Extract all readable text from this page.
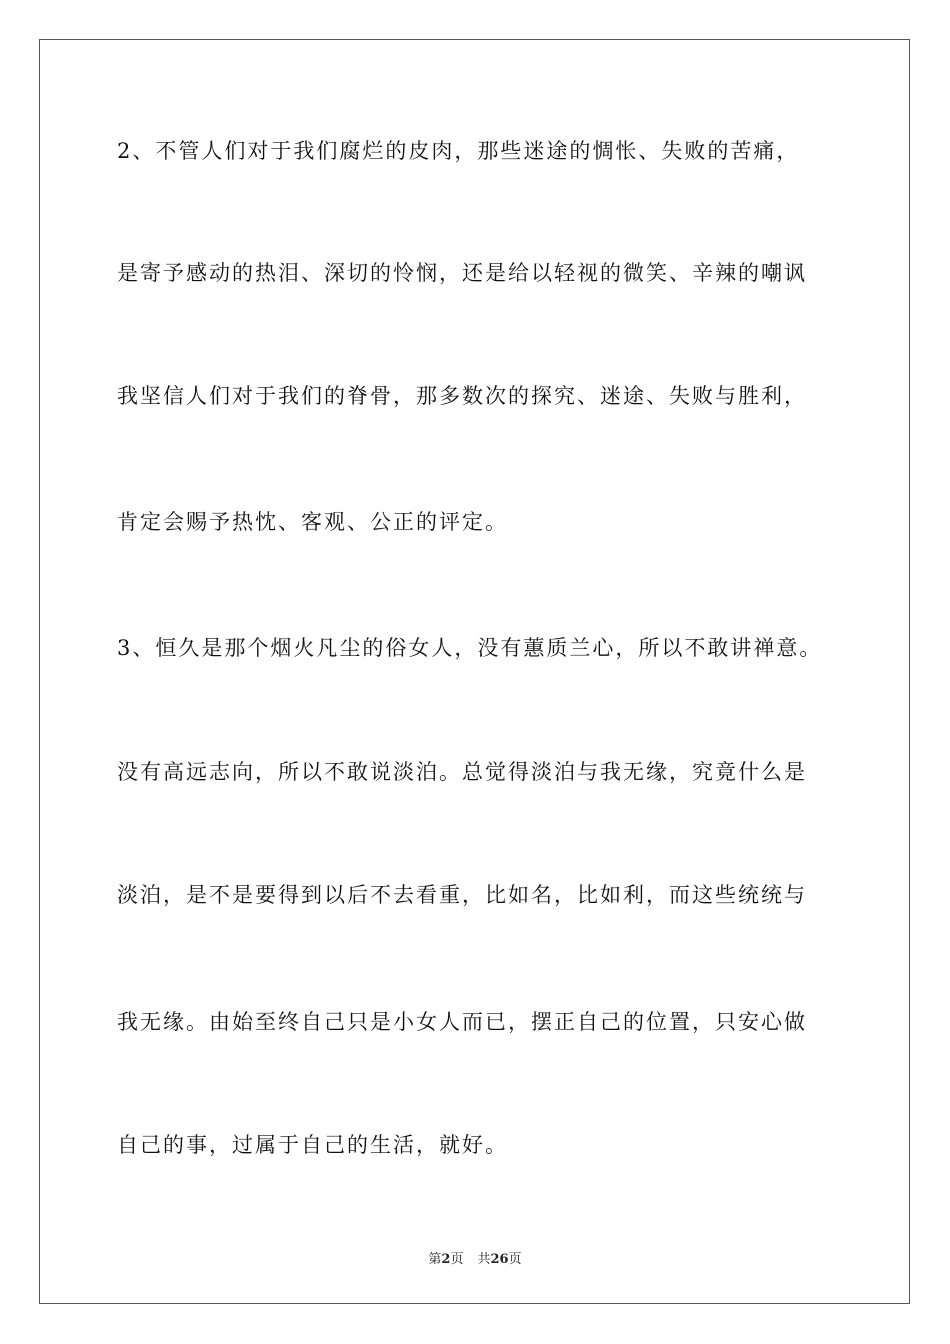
2、不管人们对于我们腐烂的皮肉，那些迷途的惆怅、失败的苦痛，
是寄予感动的热泪、深切的怜悯，还是给以轻视的微笑、辛辣的嘲讽
我坚信人们对于我们的脊骨，那多数次的探究、迷途、失败与胜利，
肯定会赐予热忱、客观、公正的评定。
3、恒久是那个烟火凡尘的俗女人，没有蕙质兰心，所以不敢讲禅意。
没有高远志向，所以不敢说淡泊。总觉得淡泊与我无缘，究竟什么是
淡泊，是不是要得到以后不去看重，比如名，比如利，而这些统统与
我无缘。由始至终自己只是小女人而已，摆正自己的位置，只安心做
自己的事，过属于自己的生活，就好。
第2页 共26页
